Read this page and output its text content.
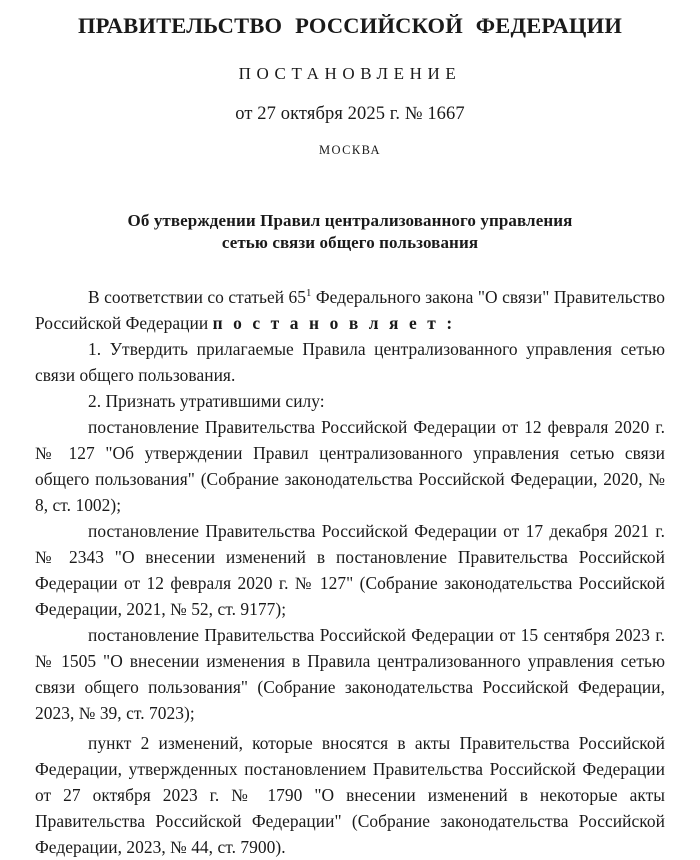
ПРАВИТЕЛЬСТВО РОССИЙСКОЙ ФЕДЕРАЦИИ
ПОСТАНОВЛЕНИЕ
от 27 октября 2025 г. № 1667
МОСКВА
Об утверждении Правил централизованного управления
сетью связи общего пользования

В соответствии со статьей 65$^1$ Федерального закона "О связи" Правительство Российской Федерации п о с т а н о в л я е т :

1. Утвердить прилагаемые Правила централизованного управления сетью связи общего пользования.

2. Признать утратившими силу:

постановление Правительства Российской Федерации от 12 февраля 2020 г. № 127 "Об утверждении Правил централизованного управления сетью связи общего пользования" (Собрание законодательства Российской Федерации, 2020, № 8, ст. 1002);

постановление Правительства Российской Федерации от 17 декабря 2021 г. № 2343 "О внесении изменений в постановление Правительства Российской Федерации от 12 февраля 2020 г. № 127" (Собрание законодательства Российской Федерации, 2021, № 52, ст. 9177);

постановление Правительства Российской Федерации от 15 сентября 2023 г. № 1505 "О внесении изменения в Правила централизованного управления сетью связи общего пользования" (Собрание законодательства Российской Федерации, 2023, № 39, ст. 7023);

пункт 2 изменений, которые вносятся в акты Правительства Российской Федерации, утвержденных постановлением Правительства Российской Федерации от 27 октября 2023 г. № 1790 "О внесении изменений в некоторые акты Правительства Российской Федерации" (Собрание законодательства Российской Федерации, 2023, № 44, ст. 7900).
